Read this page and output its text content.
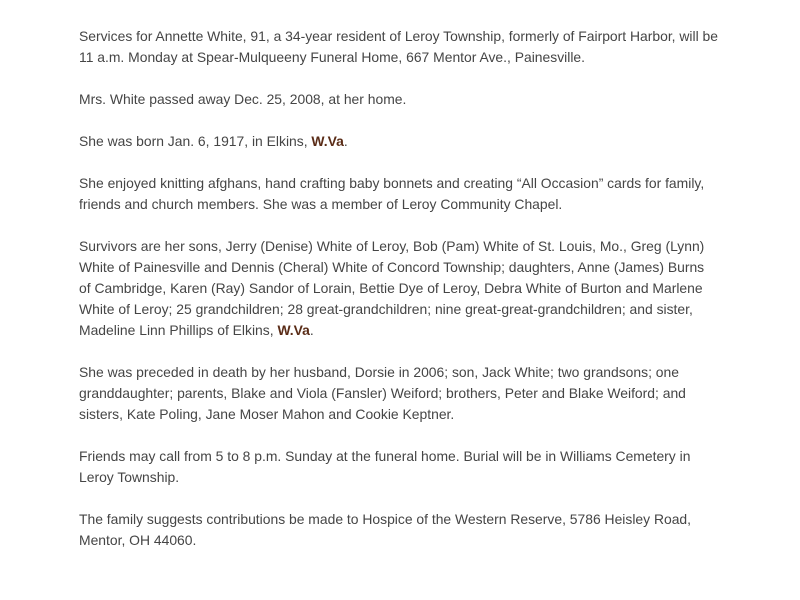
Services for Annette White, 91, a 34-year resident of Leroy Township, formerly of Fairport Harbor, will be 11 a.m. Monday at Spear-Mulqueeny Funeral Home, 667 Mentor Ave., Painesville.

Mrs. White passed away Dec. 25, 2008, at her home.

She was born Jan. 6, 1917, in Elkins, W.Va.

She enjoyed knitting afghans, hand crafting baby bonnets and creating “All Occasion” cards for family, friends and church members. She was a member of Leroy Community Chapel.

Survivors are her sons, Jerry (Denise) White of Leroy, Bob (Pam) White of St. Louis, Mo., Greg (Lynn) White of Painesville and Dennis (Cheral) White of Concord Township; daughters, Anne (James) Burns of Cambridge, Karen (Ray) Sandor of Lorain, Bettie Dye of Leroy, Debra White of Burton and Marlene White of Leroy; 25 grandchildren; 28 great-grandchildren; nine great-great-grandchildren; and sister, Madeline Linn Phillips of Elkins, W.Va.

She was preceded in death by her husband, Dorsie in 2006; son, Jack White; two grandsons; one granddaughter; parents, Blake and Viola (Fansler) Weiford; brothers, Peter and Blake Weiford; and sisters, Kate Poling, Jane Moser Mahon and Cookie Keptner.

Friends may call from 5 to 8 p.m. Sunday at the funeral home. Burial will be in Williams Cemetery in Leroy Township.

The family suggests contributions be made to Hospice of the Western Reserve, 5786 Heisley Road, Mentor, OH 44060.
